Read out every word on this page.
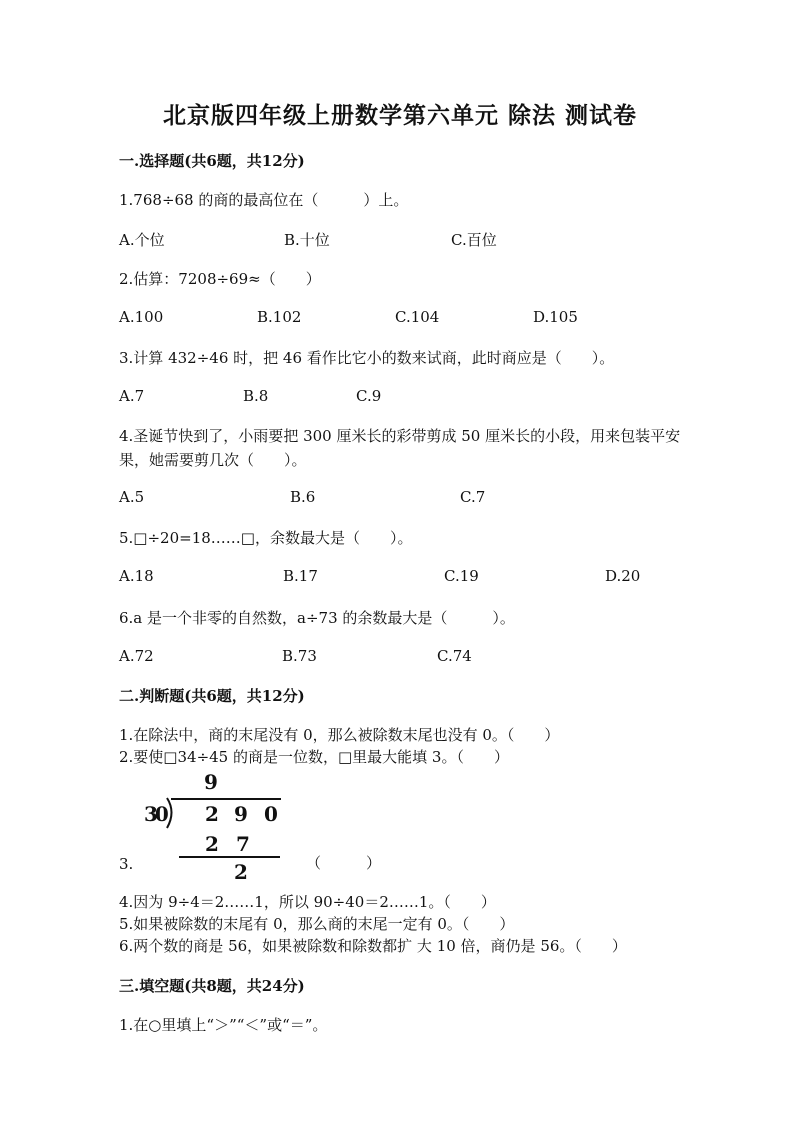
北京版四年级上册数学第六单元 除法 测试卷
一.选择题(共6题，共12分)
1.768÷68 的商的最高位在（　　　）上。
A.个位	B.十位	C.百位
2.估算：7208÷69≈（　　）
A.100	B.102	C.104	D.105
3.计算 432÷46 时，把 46 看作比它小的数来试商，此时商应是（　　）。
A.7	B.8	C.9
4.圣诞节快到了，小雨要把 300 厘米长的彩带剪成 50 厘米长的小段，用来包装平安果，她需要剪几次（　　）。
A.5	B.6	C.7
5.□÷20=18……□，余数最大是（　　）。
A.18	B.17	C.19	D.20
6.a 是一个非零的自然数，a÷73 的余数最大是（　　　）。
A.72	B.73	C.74
二.判断题(共6题，共12分)
1.在除法中，商的末尾没有 0，那么被除数末尾也没有 0。（　　）
2.要使□34÷45 的商是一位数，□里最大能填 3。（　　）
9
30 2 9 0
2 7
2
3.	（　　　）
4.因为 9÷4＝2……1，所以 90÷40＝2……1。（　　）
5.如果被除数的末尾有 0，那么商的末尾一定有 0。（　　）
6.两个数的商是 56，如果被除数和除数都扩 大 10 倍，商仍是 56。（　　）
三.填空题(共8题，共24分)
1.在○里填上“＞”“＜”或“＝”。
